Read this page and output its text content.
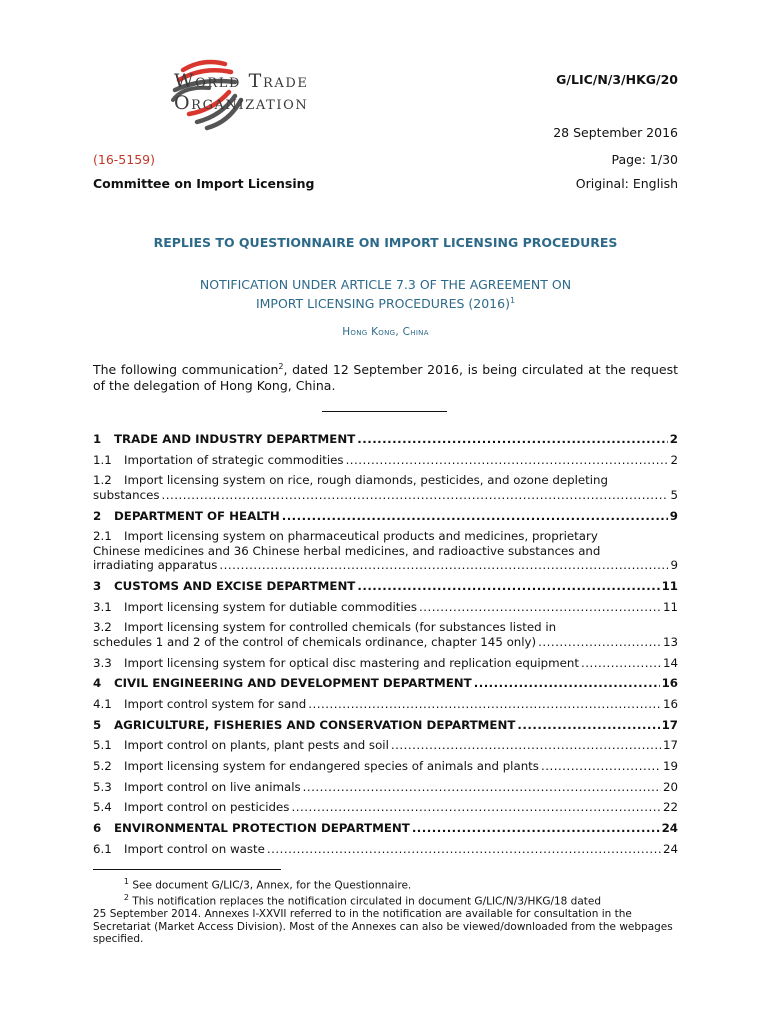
World Trade
Organization
G/LIC/N/3/HKG/20
28 September 2016
(16-5159)	Page: 1/30
Committee on Import Licensing	Original: English
REPLIES TO QUESTIONNAIRE ON IMPORT LICENSING PROCEDURES
NOTIFICATION UNDER ARTICLE 7.3 OF THE AGREEMENT ON
IMPORT LICENSING PROCEDURES $(2016)^1$
Hong Kong, China
The following communication$^2$, dated 12 September 2016, is being circulated at the request of the delegation of Hong Kong, China.
1	TRADE AND INDUSTRY DEPARTMENT .....	2
1.1	Importation of strategic commodities .....	2
1.2 Import licensing system on rice, rough diamonds, pesticides, and ozone depleting
substances .....	5
2	DEPARTMENT OF HEALTH .....	9
2.1 Import licensing system on pharmaceutical products and medicines, proprietary
Chinese medicines and 36 Chinese herbal medicines, and radioactive substances and
irradiating apparatus .....	9
3	CUSTOMS AND EXCISE DEPARTMENT .....	11
3.1	Import licensing system for dutiable commodities .....	11
3.2 Import licensing system for controlled chemicals (for substances listed in
schedules 1 and 2 of the control of chemicals ordinance, chapter 145 only) .....	13
3.3	Import licensing system for optical disc mastering and replication equipment .....	14
4	CIVIL ENGINEERING AND DEVELOPMENT DEPARTMENT .....	16
4.1	Import control system for sand .....	16
5	AGRICULTURE, FISHERIES AND CONSERVATION DEPARTMENT .....	17
5.1	Import control on plants, plant pests and soil .....	17
5.2	Import licensing system for endangered species of animals and plants .....	19
5.3	Import control on live animals .....	20
5.4	Import control on pesticides .....	22
6	ENVIRONMENTAL PROTECTION DEPARTMENT .....	24
6.1	Import control on waste .....	24
$^1$ See document G/LIC/3, Annex, for the Questionnaire.
$^2$ This notification replaces the notification circulated in document G/LIC/N/3/HKG/18 dated
25 September 2014. Annexes I-XXVII referred to in the notification are available for consultation in the Secretariat (Market Access Division). Most of the Annexes can also be viewed/downloaded from the webpages specified.
